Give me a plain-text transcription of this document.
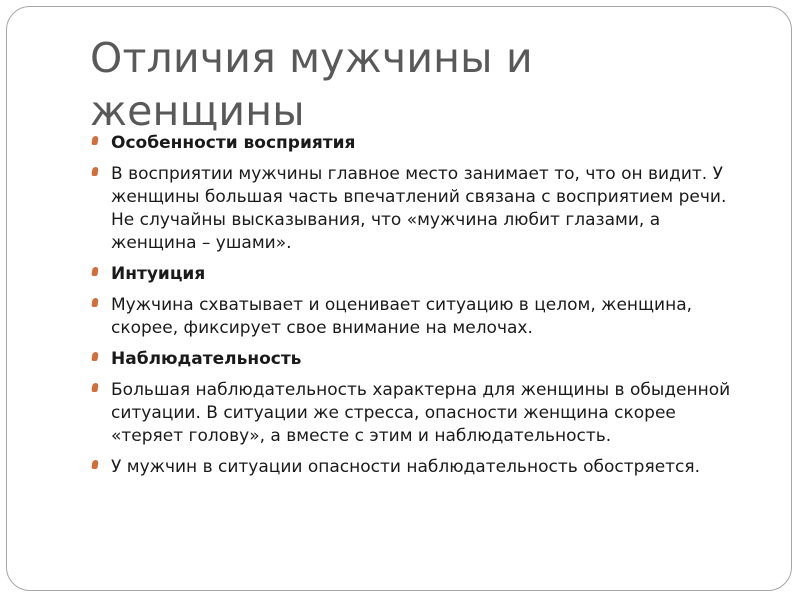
Отличия мужчины и женщины
Особенности восприятия
В восприятии мужчины главное место занимает то, что он видит. У женщины большая часть впечатлений связана с восприятием речи. Не случайны высказывания, что «мужчина любит глазами, а женщина – ушами».
Интуиция
Мужчина схватывает и оценивает ситуацию в целом, женщина, скорее, фиксирует свое внимание на мелочах.
Наблюдательность
Большая наблюдательность характерна для женщины в обыденной ситуации. В ситуации же стресса, опасности женщина скорее «теряет голову», а вместе с этим и наблюдательность.
У мужчин в ситуации опасности наблюдательность обостряется.
